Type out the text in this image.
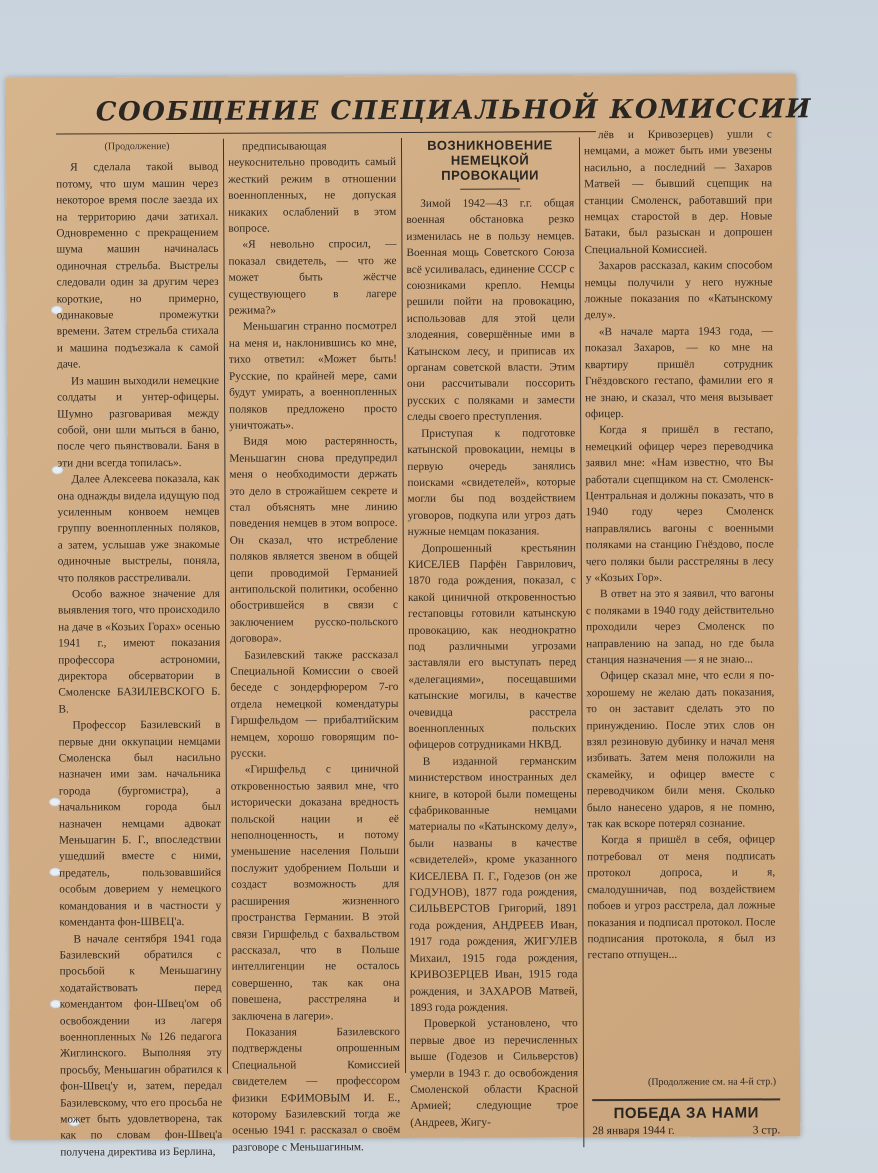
СООБЩЕНИЕ СПЕЦИАЛЬНОЙ КОМИССИИ
(Продолжение)

Я сделала такой вывод потому, что шум машин через некоторое время после заезда их на территорию дачи затихал. Одновременно с прекращением шума машин начиналась одиночная стрельба. Выстрелы следовали один за другим через короткие, но примерно, одинаковые промежутки времени. Затем стрельба стихала и машина подъезжала к самой даче.

Из машин выходили немецкие солдаты и унтер-офицеры. Шумно разговаривая между собой, они шли мыться в баню, после чего пьянствовали. Баня в эти дни всегда топилась».

Далее Алексеева показала, как она однажды видела идущую под усиленным конвоем немцев группу военнопленных поляков, а затем, услышав уже знакомые одиночные выстрелы, поняла, что поляков расстреливали.

Особо важное значение для выявления того, что происходило на даче в «Козьих Горах» осенью 1941 г., имеют показания профессора астрономии, директора обсерватории в Смоленске БАЗИЛЕВСКОГО Б. В.

Профессор Базилевский в первые дни оккупации немцами Смоленска был насильно назначен ими зам. начальника города (бургомистра), а начальником города был назначен немцами адвокат Меньшагин Б. Г., впоследствии ушедший вместе с ними, предатель, пользовавшийся особым доверием у немецкого командования и в частности у коменданта фон-ШВЕЦ'а.

В начале сентября 1941 года Базилевский обратился с просьбой к Меньшагину ходатайствовать перед комендантом фон-Швец'ом об освобождении из лагеря военнопленных № 126 педагога Жиглинского. Выполняя эту просьбу, Меньшагин обратился к фон-Швец'у и, затем, передал Базилевскому, что его просьба не может быть удовлетворена, так как по словам фон-Швец'а получена директива из Берлина,

предписывающая неукоснительно проводить самый жесткий режим в отношении военнопленных, не допуская никаких ослаблений в этом вопросе.

«Я невольно спросил, — показал свидетель, — что же может быть жёстче существующего в лагере режима?»

Меньшагин странно посмотрел на меня и, наклонившись ко мне, тихо ответил: «Может быть! Русские, по крайней мере, сами будут умирать, а военнопленных поляков предложено просто уничтожать».

Видя мою растерянность, Меньшагин снова предупредил меня о необходимости держать это дело в строжайшем секрете и стал объяснять мне линию поведения немцев в этом вопросе. Он сказал, что истребление поляков является звеном в общей цепи проводимой Германией антипольской политики, особенно обострившейся в связи с заключением русско-польского договора».

Базилевский также рассказал Специальной Комиссии о своей беседе с зондерфюрером 7-го отдела немецкой комендатуры Гиршфельдом — прибалтийским немцем, хорошо говорящим по-русски.

«Гиршфельд с циничной откровенностью заявил мне, что исторически доказана вредность польской нации и её неполноценность, и потому уменьшение населения Польши послужит удобрением Польши и создаст возможность для расширения жизненного пространства Германии. В этой связи Гиршфельд с бахвальством рассказал, что в Польше интеллигенции не осталось совершенно, так как она повешена, расстреляна и заключена в лагери».

Показания Базилевского подтверждены опрошенным Специальной Комиссией свидетелем — профессором физики ЕФИМОВЫМ И. Е., которому Базилевский тогда же осенью 1941 г. рассказал о своём разговоре с Меньшагиным.

ВОЗНИКНОВЕНИЕ НЕМЕЦКОЙ ПРОВОКАЦИИ

Зимой 1942—43 г.г. общая военная обстановка резко изменилась не в пользу немцев. Военная мощь Советского Союза всё усиливалась, единение СССР с союзниками крепло. Немцы решили пойти на провокацию, использовав для этой цели злодеяния, совершённые ими в Катынском лесу, и приписав их органам советской власти. Этим они рассчитывали поссорить русских с поляками и замести следы своего преступления.

Приступая к подготовке катынской провокации, немцы в первую очередь занялись поисками «свидетелей», которые могли бы под воздействием уговоров, подкупа или угроз дать нужные немцам показания.

Допрошенный крестьянин КИСЕЛЕВ Парфён Гаврилович, 1870 года рождения, показал, с какой циничной откровенностью гестаповцы готовили катынскую провокацию, как неоднократно под различными угрозами заставляли его выступать перед «делегациями», посещавшими катынские могилы, в качестве очевидца расстрела военнопленных польских офицеров сотрудниками НКВД.

В изданной германским министерством иностранных дел книге, в которой были помещены сфабрикованные немцами материалы по «Катынскому делу», были названы в качестве «свидетелей», кроме указанного КИСЕЛЕВА П. Г., Годезов (он же ГОДУНОВ), 1877 года рождения, СИЛЬВЕРСТОВ Григорий, 1891 года рождения, АНДРЕЕВ Иван, 1917 года рождения, ЖИГУЛЕВ Михаил, 1915 года рождения, КРИВОЗЕРЦЕВ Иван, 1915 года рождения, и ЗАХАРОВ Матвей, 1893 года рождения.

Проверкой установлено, что первые двое из перечисленных выше (Годезов и Сильверстов) умерли в 1943 г. до освобождения Смоленской области Красной Армией; следующие трое (Андреев, Жигу-

лёв и Кривозерцев) ушли с немцами, а может быть ими увезены насильно, а последний — Захаров Матвей — бывший сцепщик на станции Смоленск, работавший при немцах старостой в дер. Новые Батаки, был разыскан и допрошен Специальной Комиссией.

Захаров рассказал, каким способом немцы получили у него нужные ложные показания по «Катынскому делу».

«В начале марта 1943 года, — показал Захаров, — ко мне на квартиру пришёл сотрудник Гнёздовского гестапо, фамилии его я не знаю, и сказал, что меня вызывает офицер.

Когда я пришёл в гестапо, немецкий офицер через переводчика заявил мне: «Нам известно, что Вы работали сцепщиком на ст. Смоленск-Центральная и должны показать, что в 1940 году через Смоленск направлялись вагоны с военными поляками на станцию Гнёздово, после чего поляки были расстреляны в лесу у «Козьих Гор».

В ответ на это я заявил, что вагоны с поляками в 1940 году действительно проходили через Смоленск по направлению на запад, но где была станция назначения — я не знаю...

Офицер сказал мне, что если я по-хорошему не желаю дать показания, то он заставит сделать это по принуждению. После этих слов он взял резиновую дубинку и начал меня избивать. Затем меня положили на скамейку, и офицер вместе с переводчиком били меня. Сколько было нанесено ударов, я не помню, так как вскоре потерял сознание.

Когда я пришёл в себя, офицер потребовал от меня подписать протокол допроса, и я, смалодушничав, под воздействием побоев и угроз расстрела, дал ложные показания и подписал протокол. После подписания протокола, я был из гестапо отпущен...

(Продолжение см. на 4-й стр.)
ПОБЕДА ЗА НАМИ
28 января 1944 г.	3 стр.
